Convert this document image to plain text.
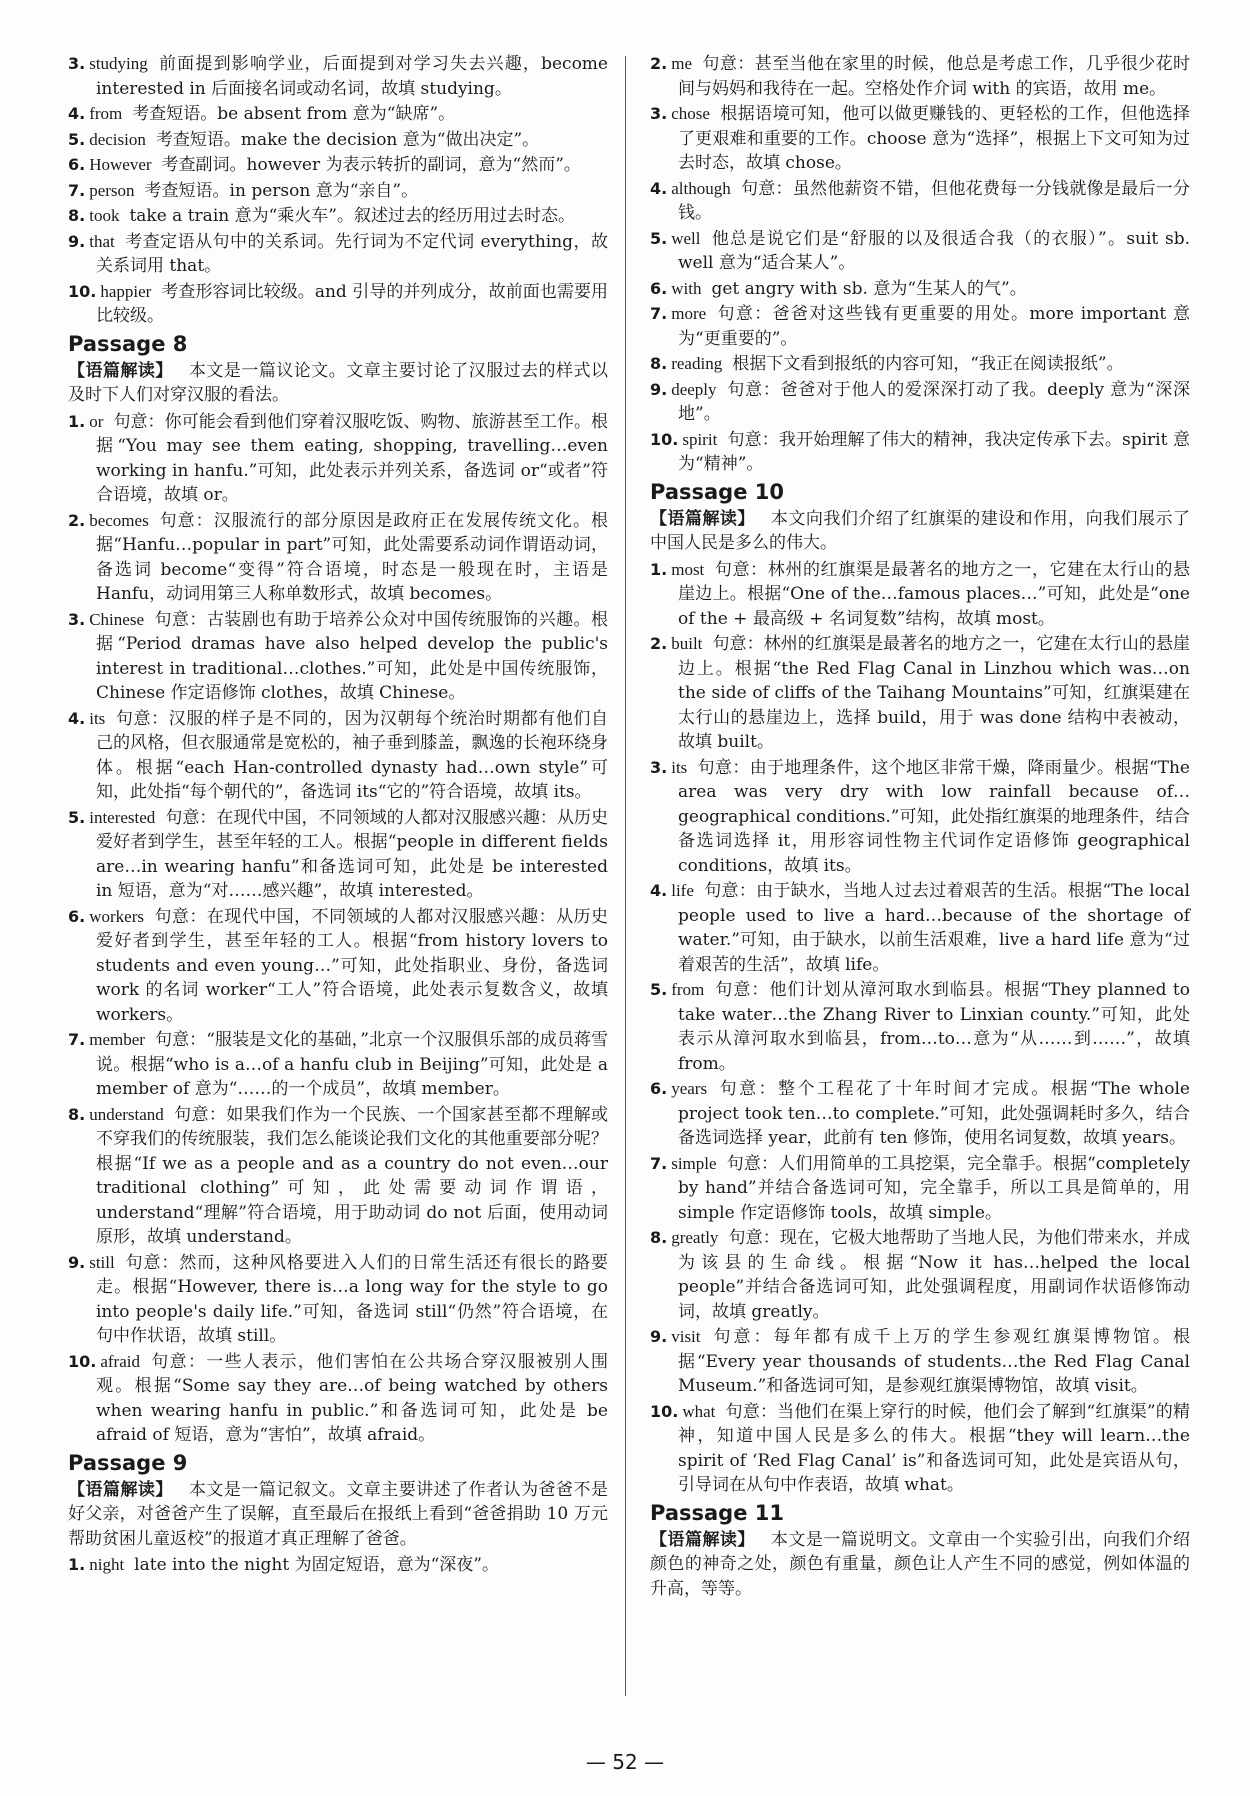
3 . studying 前面提到影响学业，后面提到对学习失去兴趣，become interested in 后面接名词或动名词，故填 studying。
4 . from 考查短语。be absent from 意为“缺席”。
5 . decision 考查短语。make the decision 意为“做出决定”。
6 . However 考查副词。however 为表示转折的副词，意为“然而”。
7 . person 考查短语。in person 意为“亲自”。
8 . took take a train 意为“乘火车”。叙述过去的经历用过去时态。
9 . that 考查定语从句中的关系词。先行词为不定代词 everything，故关系词用 that。
10 . happier 考查形容词比较级。and 引导的并列成分，故前面也需要用比较级。
Passage 8
【语篇解读】 本文是一篇议论文。文章主要讨论了汉服过去的样式以及时下人们对穿汉服的看法。
1 . or 句意：你可能会看到他们穿着汉服吃饭、购物、旅游甚至工作。根据“You may see them eating, shopping, travelling…even working in hanfu.”可知，此处表示并列关系，备选词 or“或者”符合语境，故填 or。
2 . becomes 句意：汉服流行的部分原因是政府正在发展传统文化。根据“Hanfu…popular in part”可知，此处需要系动词作谓语动词，备选词 become“变得”符合语境，时态是一般现在时，主语是 Hanfu，动词用第三人称单数形式，故填 becomes。
3 . Chinese 句意：古装剧也有助于培养公众对中国传统服饰的兴趣。根据“Period dramas have also helped develop the public's interest in traditional…clothes.”可知，此处是中国传统服饰，Chinese 作定语修饰 clothes，故填 Chinese。
4 . its 句意：汉服的样子是不同的，因为汉朝每个统治时期都有他们自己的风格，但衣服通常是宽松的，袖子垂到膝盖，飘逸的长袍环绕身体。根据“each Han-controlled dynasty had…own style”可知，此处指“每个朝代的”，备选词 its“它的”符合语境，故填 its。
5 . interested 句意：在现代中国，不同领域的人都对汉服感兴趣：从历史爱好者到学生，甚至年轻的工人。根据“people in different fields are…in wearing hanfu”和备选词可知，此处是 be interested in 短语，意为“对……感兴趣”，故填 interested。
6 . workers 句意：在现代中国，不同领域的人都对汉服感兴趣：从历史爱好者到学生，甚至年轻的工人。根据“from history lovers to students and even young…”可知，此处指职业、身份，备选词 work 的名词 worker“工人”符合语境，此处表示复数含义，故填 workers。
7 . member 句意：“服装是文化的基础，”北京一个汉服俱乐部的成员蒋雪说。根据“who is a…of a hanfu club in Beijing”可知，此处是 a member of 意为“……的一个成员”，故填 member。
8 . understand 句意：如果我们作为一个民族、一个国家甚至都不理解或不穿我们的传统服装，我们怎么能谈论我们文化的其他重要部分呢？根据“If we as a people and as a country do not even…our traditional clothing”可知，此处需要动词作谓语，understand“理解”符合语境，用于助动词 do not 后面，使用动词原形，故填 understand。
9 . still 句意：然而，这种风格要进入人们的日常生活还有很长的路要走。根据“However, there is…a long way for the style to go into people's daily life.”可知，备选词 still“仍然”符合语境，在句中作状语，故填 still。
10 . afraid 句意：一些人表示，他们害怕在公共场合穿汉服被别人围观。根据“Some say they are…of being watched by others when wearing hanfu in public.”和备选词可知，此处是 be afraid of 短语，意为“害怕”，故填 afraid。
Passage 9
【语篇解读】 本文是一篇记叙文。文章主要讲述了作者认为爸爸不是好父亲，对爸爸产生了误解，直至最后在报纸上看到“爸爸捐助 10 万元帮助贫困儿童返校”的报道才真正理解了爸爸。
1 . night late into the night 为固定短语，意为“深夜”。
2 . me 句意：甚至当他在家里的时候，他总是考虑工作，几乎很少花时间与妈妈和我待在一起。空格处作介词 with 的宾语，故用 me。
3 . chose 根据语境可知，他可以做更赚钱的、更轻松的工作，但他选择了更艰难和重要的工作。choose 意为“选择”，根据上下文可知为过去时态，故填 chose。
4 . although 句意：虽然他薪资不错，但他花费每一分钱就像是最后一分钱。
5 . well 他总是说它们是“舒服的以及很适合我（的衣服）”。suit sb. well 意为“适合某人”。
6 . with get angry with sb. 意为“生某人的气”。
7 . more 句意：爸爸对这些钱有更重要的用处。more important 意为“更重要的”。
8 . reading 根据下文看到报纸的内容可知，“我正在阅读报纸”。
9 . deeply 句意：爸爸对于他人的爱深深打动了我。deeply 意为“深深地”。
10 . spirit 句意：我开始理解了伟大的精神，我决定传承下去。spirit 意为“精神”。
Passage 10
【语篇解读】 本文向我们介绍了红旗渠的建设和作用，向我们展示了中国人民是多么的伟大。
1 . most 句意：林州的红旗渠是最著名的地方之一，它建在太行山的悬崖边上。根据“One of the…famous places…”可知，此处是“one of the + 最高级 + 名词复数”结构，故填 most。
2 . built 句意：林州的红旗渠是最著名的地方之一，它建在太行山的悬崖边上。根据“the Red Flag Canal in Linzhou which was…on the side of cliffs of the Taihang Mountains”可知，红旗渠建在太行山的悬崖边上，选择 build，用于 was done 结构中表被动，故填 built。
3 . its 句意：由于地理条件，这个地区非常干燥，降雨量少。根据“The area was very dry with low rainfall because of…geographical conditions.”可知，此处指红旗渠的地理条件，结合备选词选择 it，用形容词性物主代词作定语修饰 geographical conditions，故填 its。
4 . life 句意：由于缺水，当地人过去过着艰苦的生活。根据“The local people used to live a hard…because of the shortage of water.”可知，由于缺水，以前生活艰难，live a hard life 意为“过着艰苦的生活”，故填 life。
5 . from 句意：他们计划从漳河取水到临县。根据“They planned to take water…the Zhang River to Linxian county.”可知，此处表示从漳河取水到临县，from…to…意为“从……到……”，故填 from。
6 . years 句意：整个工程花了十年时间才完成。根据“The whole project took ten…to complete.”可知，此处强调耗时多久，结合备选词选择 year，此前有 ten 修饰，使用名词复数，故填 years。
7 . simple 句意：人们用简单的工具挖渠，完全靠手。根据“completely by hand”并结合备选词可知，完全靠手，所以工具是简单的，用 simple 作定语修饰 tools，故填 simple。
8 . greatly 句意：现在，它极大地帮助了当地人民，为他们带来水，并成为该县的生命线。根据“Now it has…helped the local people”并结合备选词可知，此处强调程度，用副词作状语修饰动词，故填 greatly。
9 . visit 句意：每年都有成千上万的学生参观红旗渠博物馆。根据“Every year thousands of students…the Red Flag Canal Museum.”和备选词可知，是参观红旗渠博物馆，故填 visit。
10 . what 句意：当他们在渠上穿行的时候，他们会了解到“红旗渠”的精神，知道中国人民是多么的伟大。根据“they will learn…the spirit of ‘Red Flag Canal’ is”和备选词可知，此处是宾语从句，引导词在从句中作表语，故填 what。
Passage 11
【语篇解读】 本文是一篇说明文。文章由一个实验引出，向我们介绍颜色的神奇之处，颜色有重量，颜色让人产生不同的感觉，例如体温的升高，等等。
— 52 —
